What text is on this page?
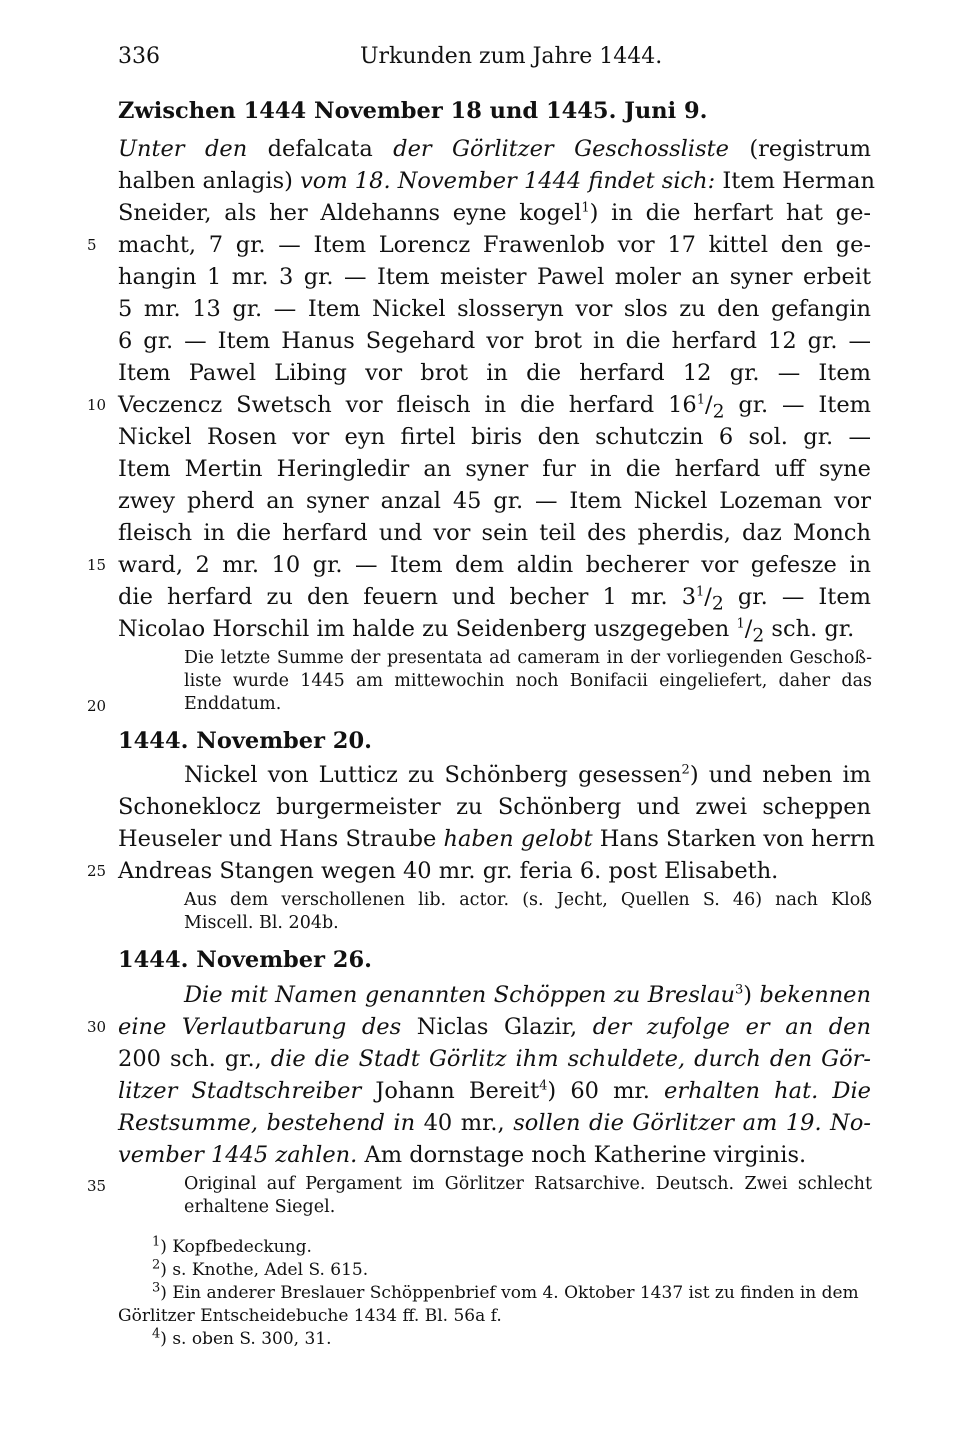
336	Urkunden zum Jahre 1444.
Zwischen 1444 November 18 und 1445. Juni 9.
Unter den defalcata der Görlitzer Geschossliste (registrum
halben anlagis) vom 18. November 1444 findet sich: Item Herman
Sneider, als her Aldehanns eyne kogel$^1$) in die herfart hat ge-
macht, 7 gr. — Item Lorencz Frawenlob vor 17 kittel den ge-
hangin 1 mr. 3 gr. — Item meister Pawel moler an syner erbeit
5 mr. 13 gr. — Item Nickel slosseryn vor slos zu den gefangin
6 gr. — Item Hanus Segehard vor brot in die herfard 12 gr. —
Item Pawel Libing vor brot in die herfard 12 gr. — Item
Veczencz Swetsch vor fleisch in die herfard $16^1/_2$ gr. — Item
Nickel Rosen vor eyn firtel biris den schutczin 6 sol. gr. —
Item Mertin Heringledir an syner fur in die herfard uff syne
zwey pherd an syner anzal 45 gr. — Item Nickel Lozeman vor
fleisch in die herfard und vor sein teil des pherdis, daz Monch
ward, 2 mr. 10 gr. — Item dem aldin becherer vor gefesze in
die herfard zu den feuern und becher 1 mr. $3^1/_2$ gr. — Item
Nicolao Horschil im halde zu Seidenberg uszgegeben $^1/_2$ sch. gr.
Die letzte Summe der presentata ad cameram in der vorliegenden Geschoß-
liste wurde 1445 am mittewochin noch Bonifacii eingeliefert, daher das
Enddatum.
1444. November 20.
Nickel von Lutticz zu Schönberg gesessen$^2$) und neben im
Schoneklocz burgermeister zu Schönberg und zwei scheppen
Heuseler und Hans Straube haben gelobt Hans Starken von herrn
Andreas Stangen wegen 40 mr. gr. feria 6. post Elisabeth.
Aus dem verschollenen lib. actor. (s. Jecht, Quellen S. 46) nach Kloß
Miscell. Bl. 204b.
1444. November 26.
Die mit Namen genannten Schöppen zu Breslau$^3$) bekennen
eine Verlautbarung des Niclas Glazir, der zufolge er an den
200 sch. gr., die die Stadt Görlitz ihm schuldete, durch den Gör-
litzer Stadtschreiber Johann Bereit$^4$) 60 mr. erhalten hat. Die
Restsumme, bestehend in 40 mr., sollen die Görlitzer am 19. No-
vember 1445 zahlen. Am dornstage noch Katherine virginis.
Original auf Pergament im Görlitzer Ratsarchive. Deutsch. Zwei schlecht
erhaltene Siegel.
5
10
15
20
25
30
35
$^1$) Kopfbedeckung.
$^2$) s. Knothe, Adel S. 615.
$^3$) Ein anderer Breslauer Schöppenbrief vom 4. Oktober 1437 ist zu finden in dem
Görlitzer Entscheidebuche 1434 ff. Bl. 56a f.
$^4$) s. oben S. 300, 31.
